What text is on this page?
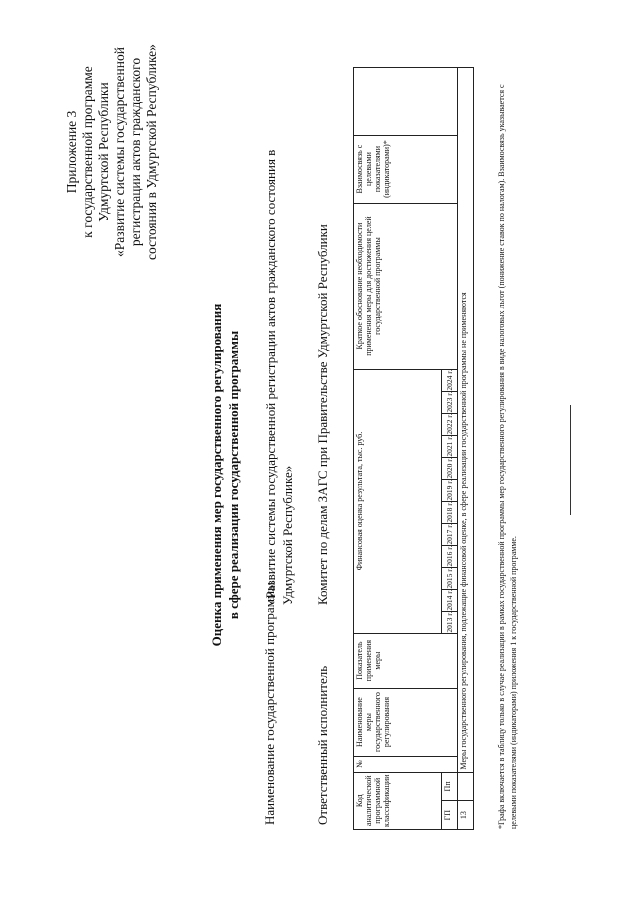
Приложение 3 к государственной программе Удмуртской Республики «Развитие системы государственной регистрации актов гражданского состояния в Удмуртской Республике»
Оценка применения мер государственного регулирования в сфере реализации государственной программы
Наименование государственной программы
«Развитие системы государственной регистрации актов гражданского состояния в Удмуртской Республике»
Ответственный исполнитель
Комитет по делам ЗАГС при Правительстве Удмуртской Республики
Код аналитической программной классификации		№	Наименование меры государственного регулирования	Показатель применения меры	Финансовая оценка результата, тыс. руб.												Краткое обоснование необходимости применения меры для достижения целей государственной программы	Взаимосвязь с целевыми показателями (индикаторами)*	
ГП	Пп				2013 г.	2014 г.	2015 г.	2016 г.	2017 г.	2018 г.	2019 г.	2020 г.	2021 г.	2022 г.	2023 г.	2024 г.			
13		Меры государственного регулирования, подлежащие финансовой оценке, в сфере реализации государственной программы не применяются																		*Графа включается в таблицу только в случае реализации в рамках государственной программы мер государственного регулирования в виде налоговых льгот (понижение ставок по налогам). Взаимосвязь указывается с целевыми показателями (индикаторами) приложения 1 к государственной программе.
